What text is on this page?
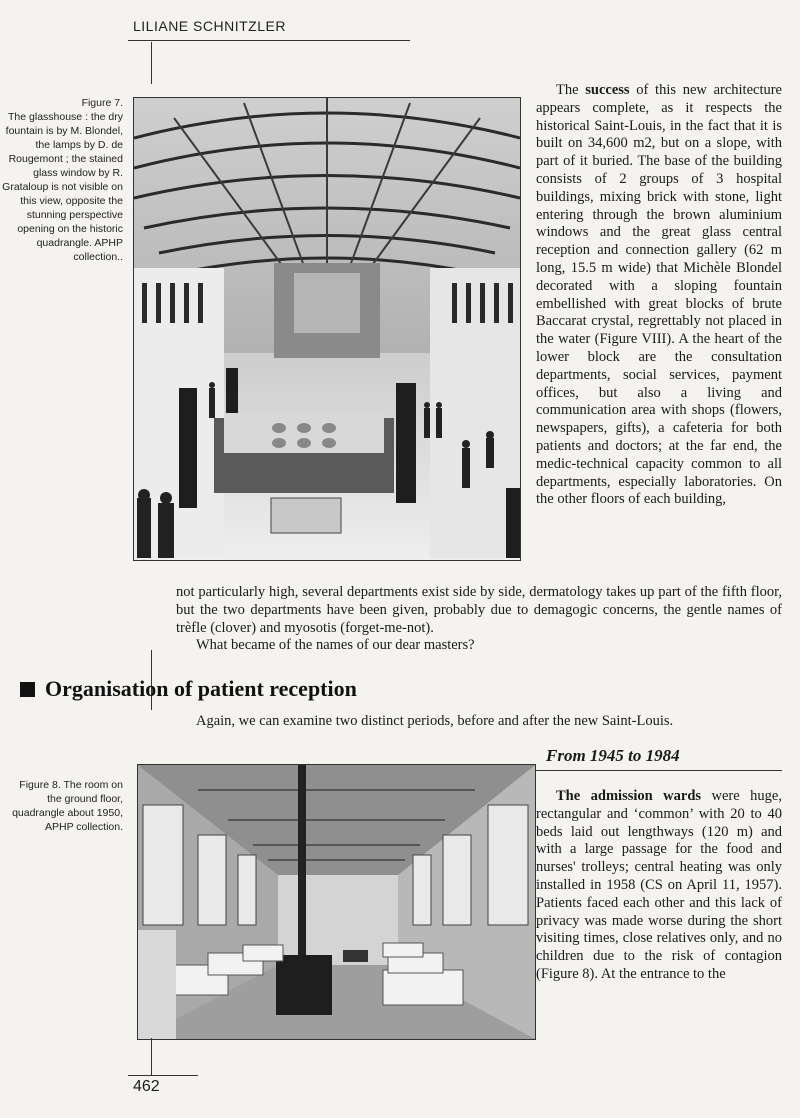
LILIANE SCHNITZLER
Figure 7.
The glasshouse : the dry fountain is by M. Blondel, the lamps by D. de Rougemont ; the stained glass window by R. Grataloup is not visible on this view, opposite the stunning perspective opening on the historic quadrangle. APHP collection..

The success of this new architecture appears complete, as it respects the historical Saint-Louis, in the fact that it is built on 34,600 m2, but on a slope, with part of it buried. The base of the building consists of 2 groups of 3 hospital buildings, mixing brick with stone, light entering through the brown aluminium windows and the great glass central reception and connection gallery (62 m long, 15.5 m wide) that Michèle Blondel decorated with a sloping fountain embellished with great blocks of brute Baccarat crystal, regrettably not placed in the water (Figure VIII). A the heart of the lower block are the consultation departments, social services, payment offices, but also a living and communication area with shops (flowers, newspapers, gifts), a cafeteria for both patients and doctors; at the far end, the medic-technical capacity common to all departments, especially laboratories. On the other floors of each building,

not particularly high, several departments exist side by side, dermatology takes up part of the fifth floor, but the two departments have been given, probably due to demagogic concerns, the gentle names of trèfle (clover) and myosotis (forget-me-not).

What became of the names of our dear masters?

Organisation of patient reception

Again, we can examine two distinct periods, before and after the new Saint-Louis.

From 1945 to 1984
Figure 8. The room on the ground floor, quadrangle about 1950, APHP collection.

The admission wards were huge, rectangular and ‘common’ with 20 to 40 beds laid out lengthways (120 m) and with a large passage for the food and nurses' trolleys; central heating was only installed in 1958 (CS on April 11, 1957). Patients faced each other and this lack of privacy was made worse during the short visiting times, close relatives only, and no children due to the risk of contagion (Figure 8). At the entrance to the

462
